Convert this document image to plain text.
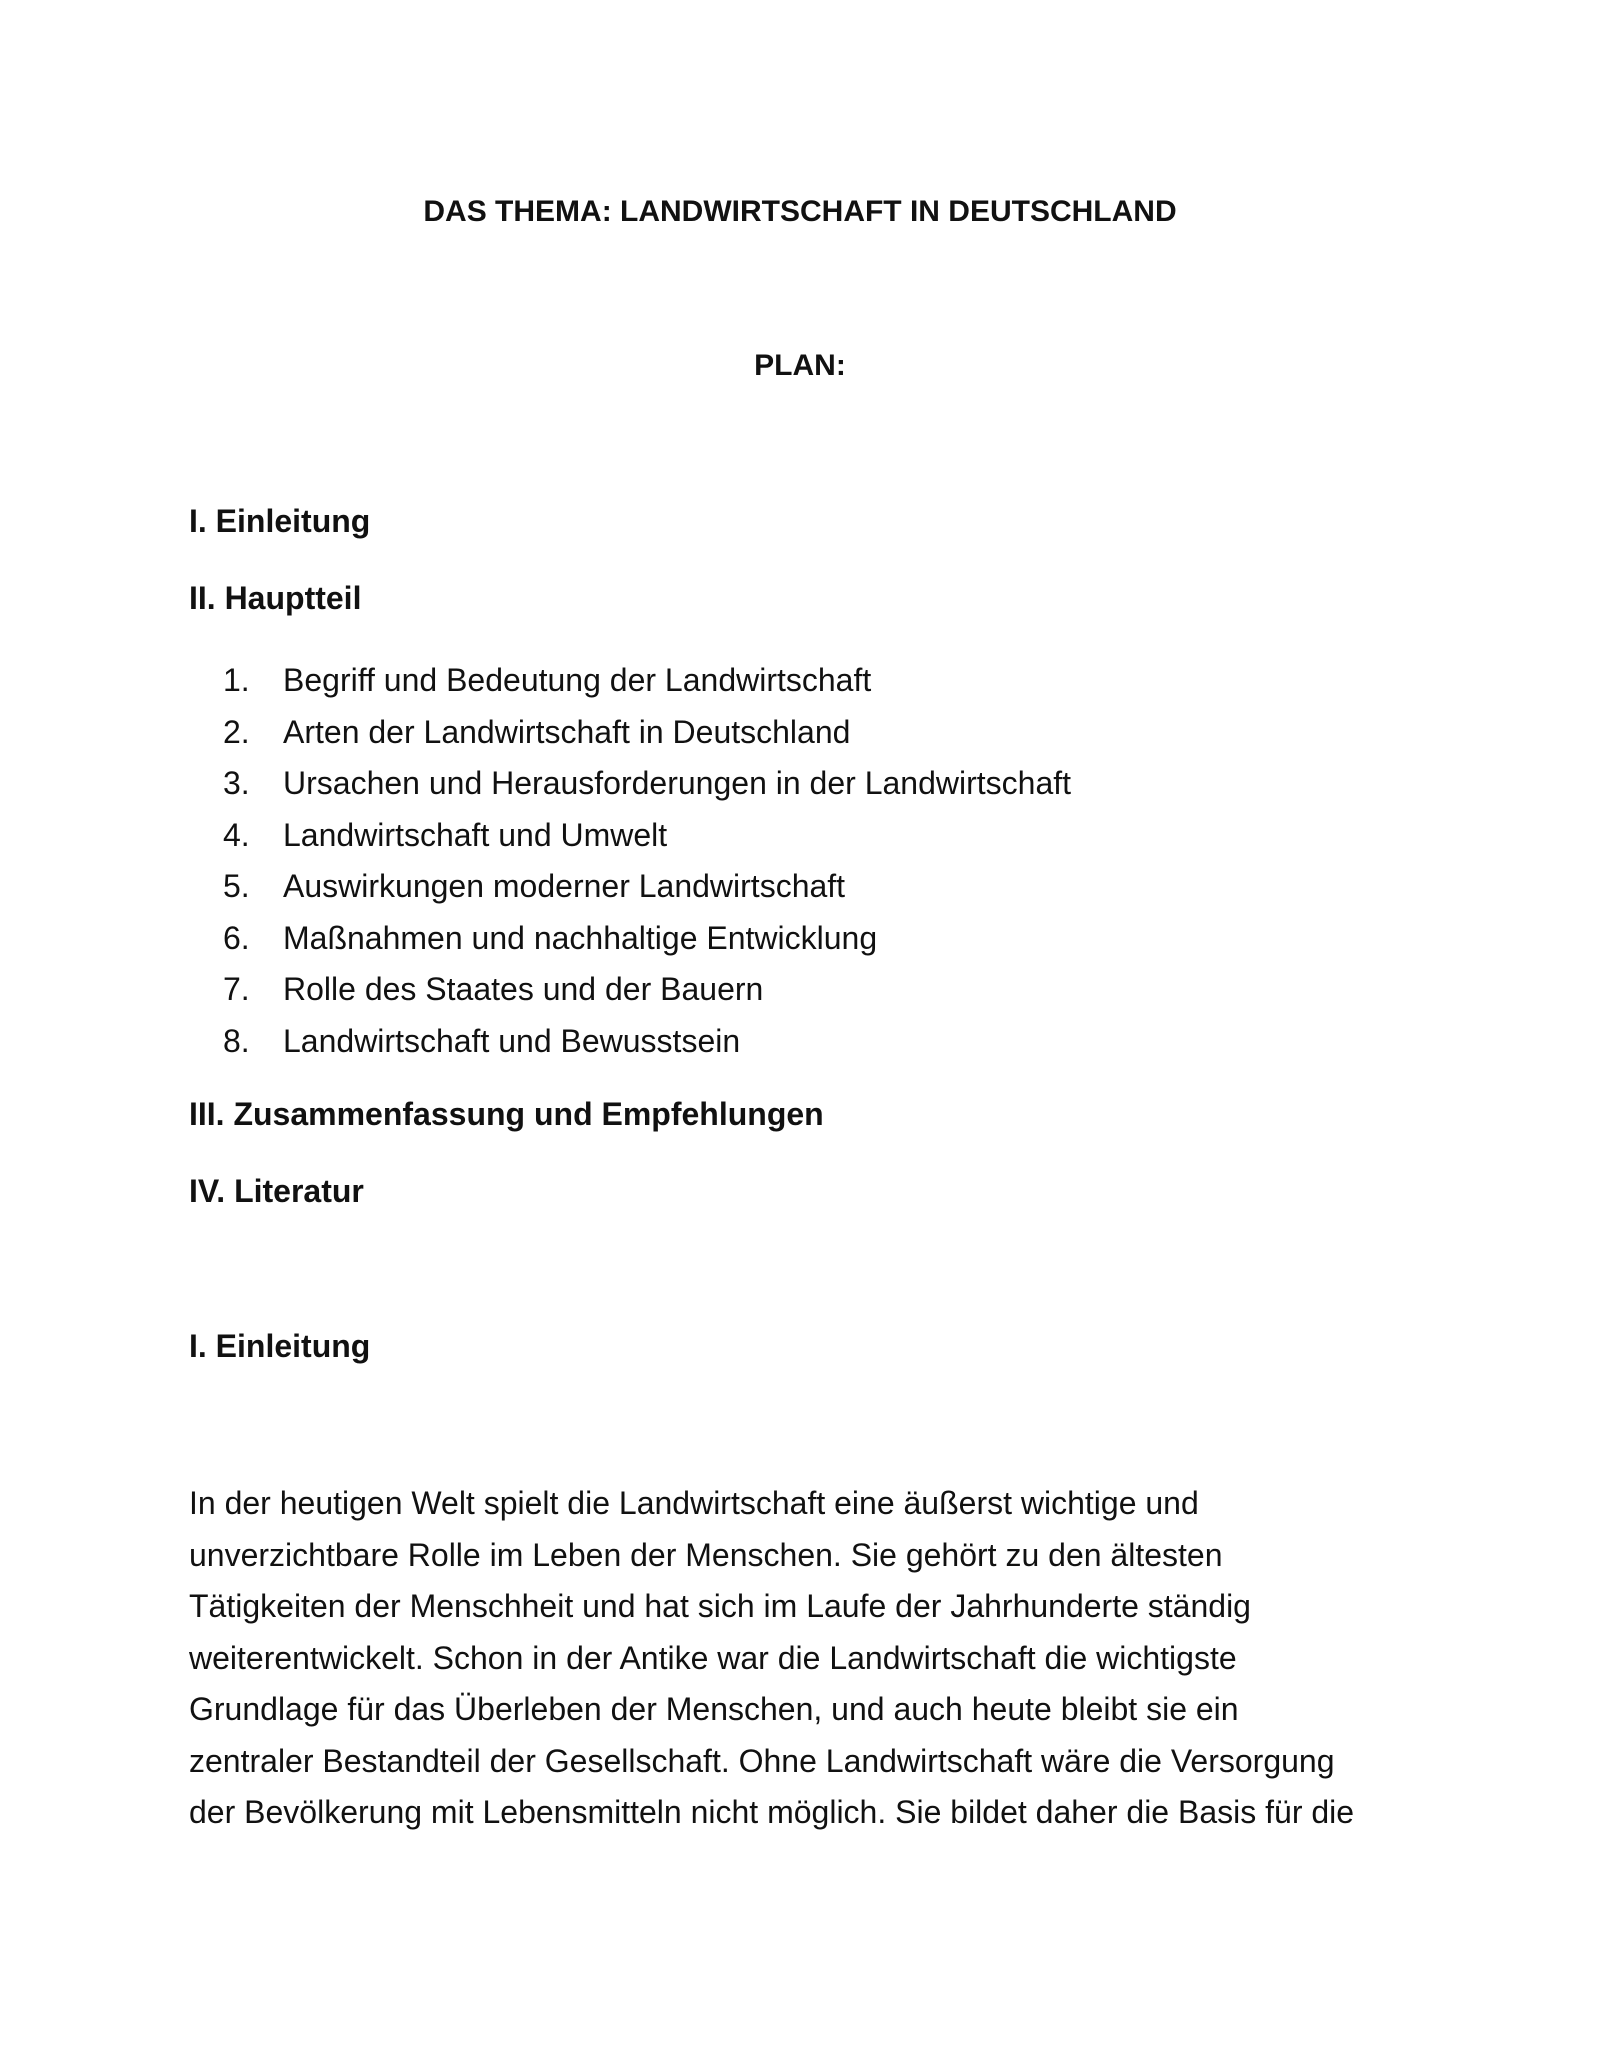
DAS THEMA: LANDWIRTSCHAFT IN DEUTSCHLAND
PLAN:
I. Einleitung
II. Hauptteil
1.	Begriff und Bedeutung der Landwirtschaft
2.	Arten der Landwirtschaft in Deutschland
3.	Ursachen und Herausforderungen in der Landwirtschaft
4.	Landwirtschaft und Umwelt
5.	Auswirkungen moderner Landwirtschaft
6.	Maßnahmen und nachhaltige Entwicklung
7.	Rolle des Staates und der Bauern
8.	Landwirtschaft und Bewusstsein
III. Zusammenfassung und Empfehlungen
IV. Literatur
I. Einleitung
In der heutigen Welt spielt die Landwirtschaft eine äußerst wichtige und
unverzichtbare Rolle im Leben der Menschen. Sie gehört zu den ältesten
Tätigkeiten der Menschheit und hat sich im Laufe der Jahrhunderte ständig
weiterentwickelt. Schon in der Antike war die Landwirtschaft die wichtigste
Grundlage für das Überleben der Menschen, und auch heute bleibt sie ein
zentraler Bestandteil der Gesellschaft. Ohne Landwirtschaft wäre die Versorgung
der Bevölkerung mit Lebensmitteln nicht möglich. Sie bildet daher die Basis für die
